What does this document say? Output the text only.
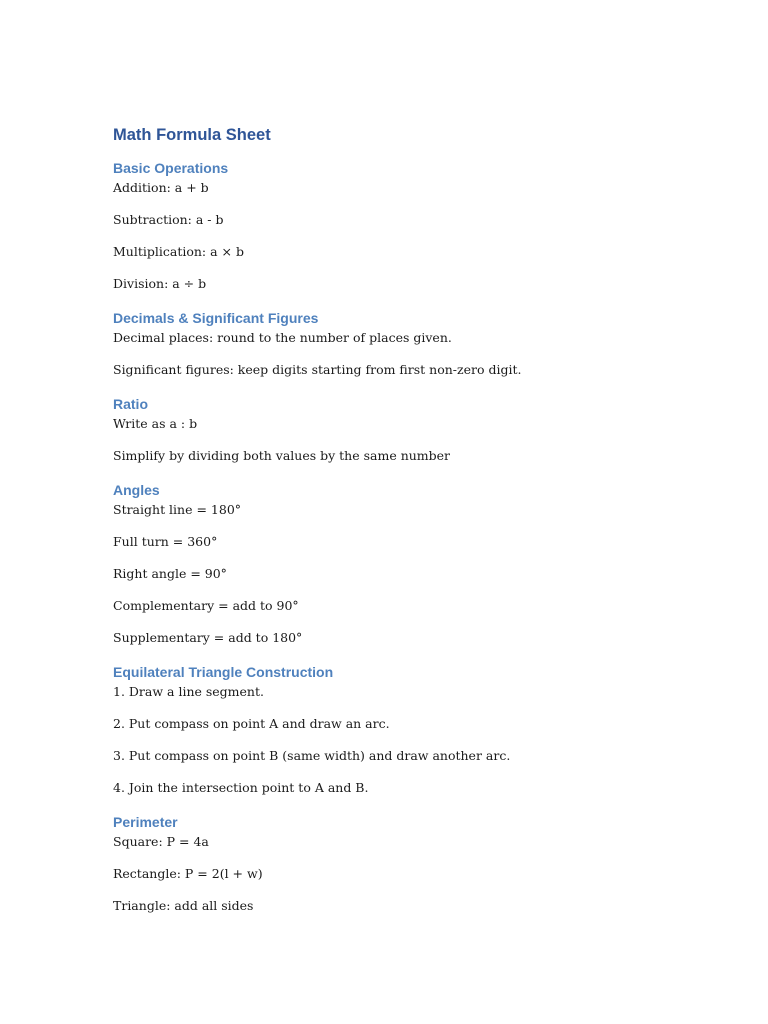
Math Formula Sheet
Basic Operations

Addition: a + b

Subtraction: a - b

Multiplication: a × b

Division: a ÷ b

Decimals & Significant Figures

Decimal places: round to the number of places given.

Significant figures: keep digits starting from first non-zero digit.

Ratio

Write as a : b

Simplify by dividing both values by the same number

Angles

Straight line = 180°

Full turn = 360°

Right angle = 90°

Complementary = add to 90°

Supplementary = add to 180°

Equilateral Triangle Construction

1. Draw a line segment.

2. Put compass on point A and draw an arc.

3. Put compass on point B (same width) and draw another arc.

4. Join the intersection point to A and B.

Perimeter

Square: P = 4a

Rectangle: P = 2(l + w)

Triangle: add all sides
